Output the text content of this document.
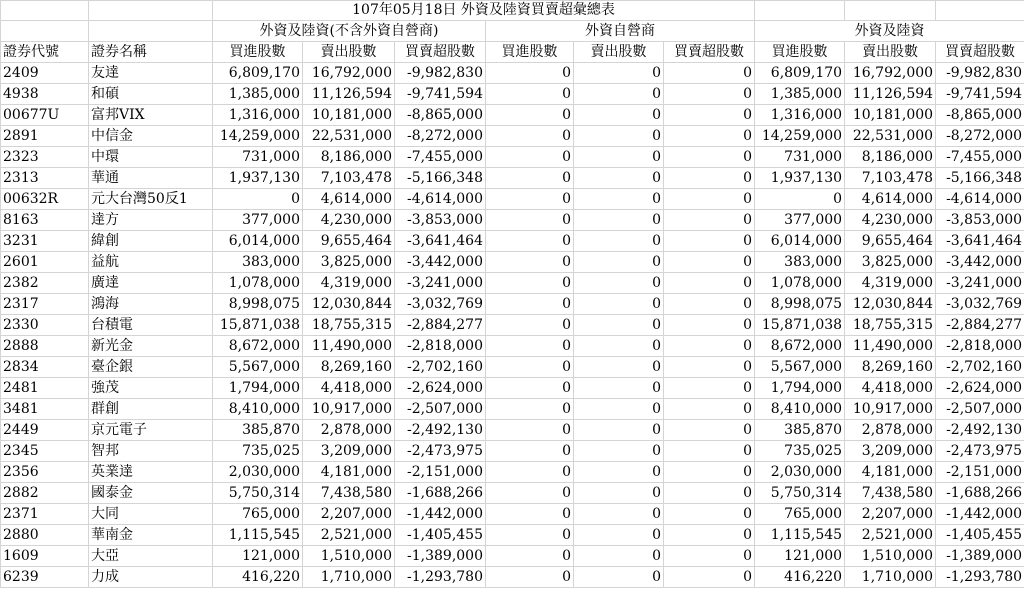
		107年05月18日 外資及陸資買賣超彙總表								
		外資及陸資(不含外資自營商)			外資自營商			外資及陸資		
證券代號	證券名稱	買進股數	賣出股數	買賣超股數	買進股數	賣出股數	買賣超股數	買進股數	賣出股數	買賣超股數
2409	友達	6,809,170	16,792,000	-9,982,830	0	0	0	6,809,170	16,792,000	-9,982,830
4938	和碩	1,385,000	11,126,594	-9,741,594	0	0	0	1,385,000	11,126,594	-9,741,594
00677U	富邦VIX	1,316,000	10,181,000	-8,865,000	0	0	0	1,316,000	10,181,000	-8,865,000
2891	中信金	14,259,000	22,531,000	-8,272,000	0	0	0	14,259,000	22,531,000	-8,272,000
2323	中環	731,000	8,186,000	-7,455,000	0	0	0	731,000	8,186,000	-7,455,000
2313	華通	1,937,130	7,103,478	-5,166,348	0	0	0	1,937,130	7,103,478	-5,166,348
00632R	元大台灣50反1	0	4,614,000	-4,614,000	0	0	0	0	4,614,000	-4,614,000
8163	達方	377,000	4,230,000	-3,853,000	0	0	0	377,000	4,230,000	-3,853,000
3231	緯創	6,014,000	9,655,464	-3,641,464	0	0	0	6,014,000	9,655,464	-3,641,464
2601	益航	383,000	3,825,000	-3,442,000	0	0	0	383,000	3,825,000	-3,442,000
2382	廣達	1,078,000	4,319,000	-3,241,000	0	0	0	1,078,000	4,319,000	-3,241,000
2317	鴻海	8,998,075	12,030,844	-3,032,769	0	0	0	8,998,075	12,030,844	-3,032,769
2330	台積電	15,871,038	18,755,315	-2,884,277	0	0	0	15,871,038	18,755,315	-2,884,277
2888	新光金	8,672,000	11,490,000	-2,818,000	0	0	0	8,672,000	11,490,000	-2,818,000
2834	臺企銀	5,567,000	8,269,160	-2,702,160	0	0	0	5,567,000	8,269,160	-2,702,160
2481	強茂	1,794,000	4,418,000	-2,624,000	0	0	0	1,794,000	4,418,000	-2,624,000
3481	群創	8,410,000	10,917,000	-2,507,000	0	0	0	8,410,000	10,917,000	-2,507,000
2449	京元電子	385,870	2,878,000	-2,492,130	0	0	0	385,870	2,878,000	-2,492,130
2345	智邦	735,025	3,209,000	-2,473,975	0	0	0	735,025	3,209,000	-2,473,975
2356	英業達	2,030,000	4,181,000	-2,151,000	0	0	0	2,030,000	4,181,000	-2,151,000
2882	國泰金	5,750,314	7,438,580	-1,688,266	0	0	0	5,750,314	7,438,580	-1,688,266
2371	大同	765,000	2,207,000	-1,442,000	0	0	0	765,000	2,207,000	-1,442,000
2880	華南金	1,115,545	2,521,000	-1,405,455	0	0	0	1,115,545	2,521,000	-1,405,455
1609	大亞	121,000	1,510,000	-1,389,000	0	0	0	121,000	1,510,000	-1,389,000
6239	力成	416,220	1,710,000	-1,293,780	0	0	0	416,220	1,710,000	-1,293,780
